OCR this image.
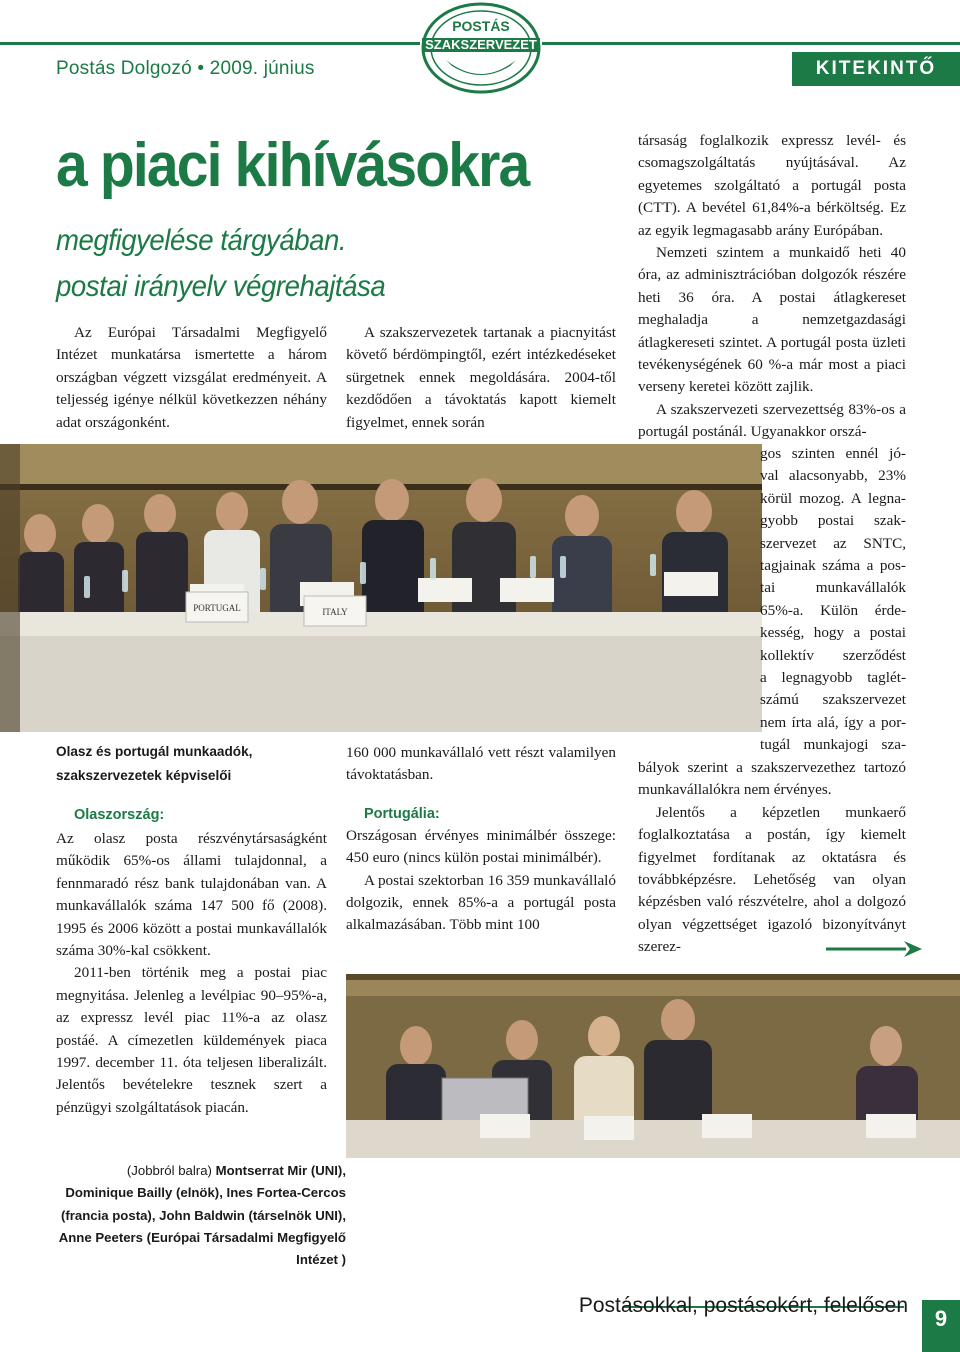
Postás Dolgozó • 2009. június
POSTÁS
SZAKSZERVEZET
KITEKINTŐ
a piaci kihívásokra
megfigyelése tárgyában.
postai irányelv végrehajtása

Az Európai Társadalmi Megfigyelő Intézet munkatársa ismertette a három országban végzett vizsgálat eredményeit. A teljesség igénye nélkül következzen néhány adat országonként.

A szakszervezetek tartanak a piacnyitást követő bérdömpingtől, ezért intézkedéseket sürgetnek ennek megoldására. 2004-től kezdődően a távoktatás kapott kiemelt figyelmet, ennek során

PORTUGAL	ITALY
Olasz és portugál munkaadók,
szakszervezetek képviselői
Olaszország:

Az olasz posta részvénytársaságként működik 65%-os állami tulajdonnal, a fennmaradó rész bank tulajdonában van. A munkavállalók száma 147 500 fő (2008). 1995 és 2006 között a postai munkavállalók száma 30%-kal csökkent.

2011-ben történik meg a postai piac megnyitása. Jelenleg a levélpiac 90–95%-a, az expressz levél piac 11%-a az olasz postáé. A címezetlen küldemények piaca 1997. december 11. óta teljesen liberalizált. Jelentős bevételekre tesznek szert a pénzügyi szolgáltatások piacán.

160 000 munkavállaló vett részt valamilyen távoktatásban.

Portugália:

Országosan érvényes minimálbér összege: 450 euro (nincs külön postai minimálbér).

A postai szektorban 16 359 munkavállaló dolgozik, ennek 85%-a a portugál posta alkalmazásában. Több mint 100

társaság foglalkozik expressz levél- és csomagszolgáltatás nyújtásával. Az egyetemes szolgáltató a portugál posta (CTT). A bevétel 61,84%-a bérköltség. Ez az egyik legmagasabb arány Európában.

Nemzeti szintem a munkaidő heti 40 óra, az adminisztrációban dolgozók részére heti 36 óra. A postai átlagkereset meghaladja a nemzetgazdasági átlagkereseti szintet. A portugál posta üzleti tevékenységének 60 %-a már most a piaci verseny keretei között zajlik.

A szakszervezeti szervezettség 83%-os a portugál postánál. Ugyanakkor orszá-

gos szinten ennél jó-
val alacsonyabb, 23%
körül mozog. A legna-
gyobb postai szak-
szervezet az SNTC,
tagjainak száma a pos-
tai munkavállalók
65%-a. Külön érde-
kesség, hogy a postai
kollektív szerződést
a legnagyobb taglét-
számú szakszervezet
nem írta alá, így a por-
tugál munkajogi sza-

bályok szerint a szakszervezethez tartozó munkavállalókra nem érvényes.

Jelentős a képzetlen munkaerő foglalkoztatása a postán, így kiemelt figyelmet fordítanak az oktatásra és továbbképzésre. Lehetőség van olyan képzésben való részvételre, ahol a dolgozó olyan végzettséget igazoló bizonyítványt szerez-

(Jobbról balra) Montserrat Mir (UNI), Dominique Bailly (elnök), Ines Fortea-Cercos (francia posta), John Baldwin (társelnök UNI), Anne Peeters (Európai Társadalmi Megfigyelő Intézet )
Postásokkal, postásokért, felelősen
9
